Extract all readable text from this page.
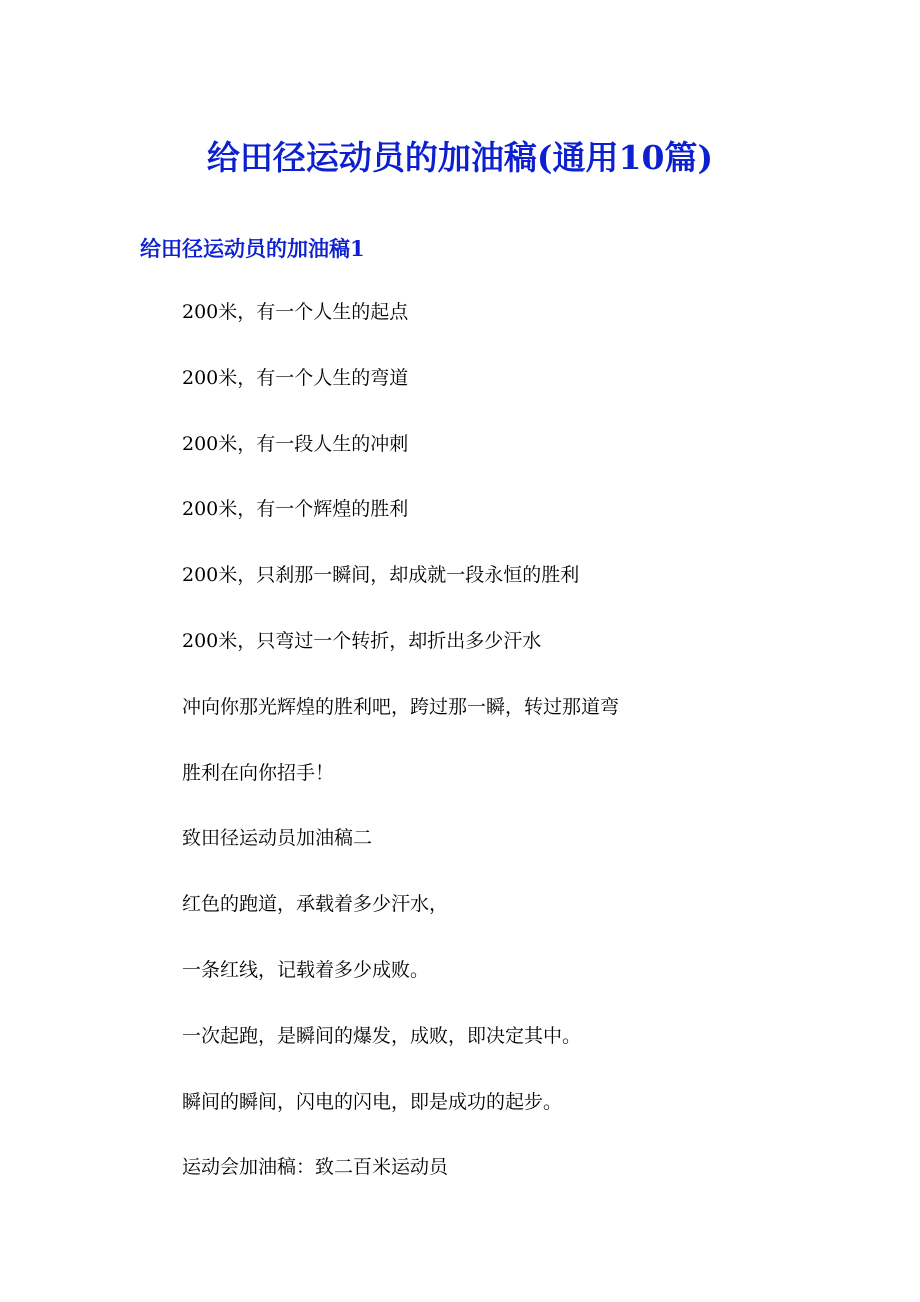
给田径运动员的加油稿(通用10篇)
给田径运动员的加油稿1
200米，有一个人生的起点
200米，有一个人生的弯道
200米，有一段人生的冲刺
200米，有一个辉煌的胜利
200米，只刹那一瞬间，却成就一段永恒的胜利
200米，只弯过一个转折，却折出多少汗水
冲向你那光辉煌的胜利吧，跨过那一瞬，转过那道弯
胜利在向你招手！
致田径运动员加油稿二
红色的跑道，承载着多少汗水，
一条红线，记载着多少成败。
一次起跑，是瞬间的爆发，成败，即决定其中。
瞬间的瞬间，闪电的闪电，即是成功的起步。
运动会加油稿：致二百米运动员
